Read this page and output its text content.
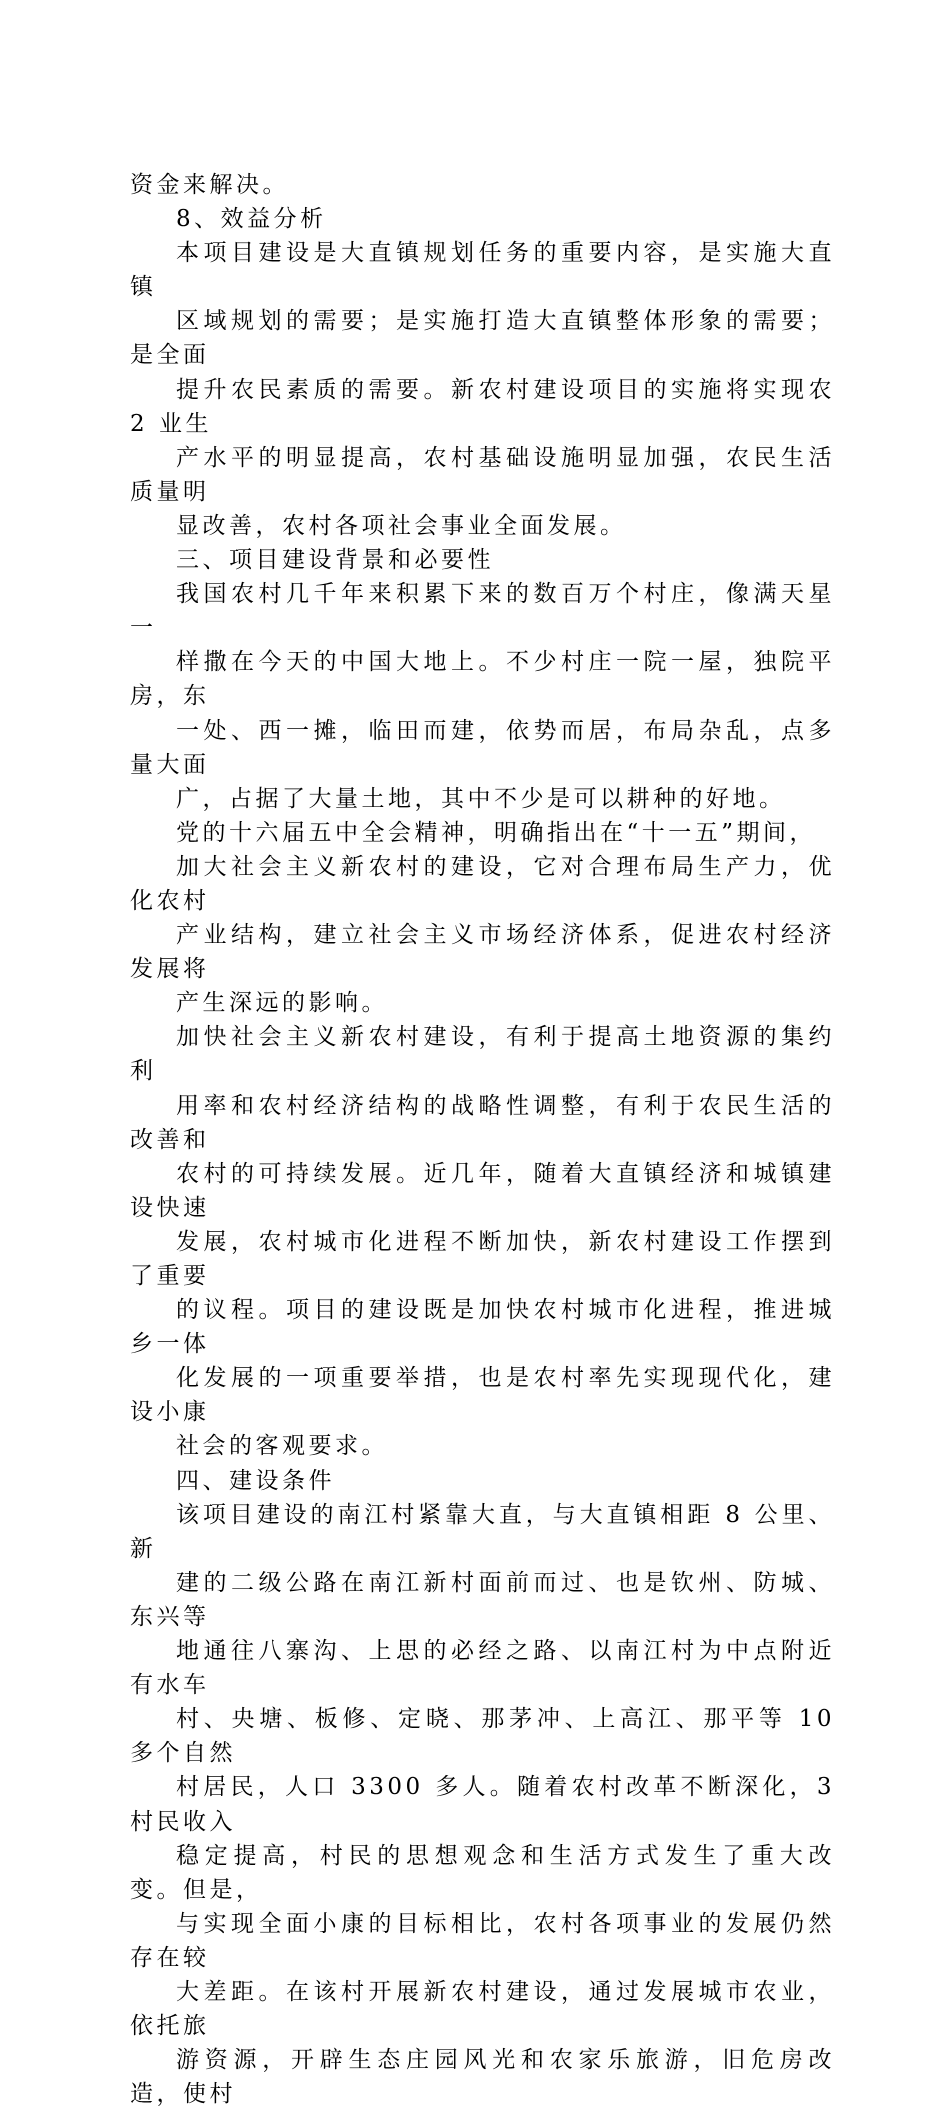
资金来解决。
8、效益分析
本项目建设是大直镇规划任务的重要内容，是实施大直镇
区域规划的需要；是实施打造大直镇整体形象的需要；是全面
提升农民素质的需要。新农村建设项目的实施将实现农 2 业生
产水平的明显提高，农村基础设施明显加强，农民生活质量明
显改善，农村各项社会事业全面发展。
三、项目建设背景和必要性
我国农村几千年来积累下来的数百万个村庄，像满天星一
样撒在今天的中国大地上。不少村庄一院一屋，独院平房，东
一处、西一摊，临田而建，依势而居，布局杂乱，点多量大面
广，占据了大量土地，其中不少是可以耕种的好地。
党的十六届五中全会精神，明确指出在“十一五”期间，
加大社会主义新农村的建设，它对合理布局生产力，优化农村
产业结构，建立社会主义市场经济体系，促进农村经济发展将
产生深远的影响。
加快社会主义新农村建设，有利于提高土地资源的集约利
用率和农村经济结构的战略性调整，有利于农民生活的改善和
农村的可持续发展。近几年，随着大直镇经济和城镇建设快速
发展，农村城市化进程不断加快，新农村建设工作摆到了重要
的议程。项目的建设既是加快农村城市化进程，推进城乡一体
化发展的一项重要举措，也是农村率先实现现代化，建设小康
社会的客观要求。
四、建设条件
该项目建设的南江村紧靠大直，与大直镇相距 8 公里、新
建的二级公路在南江新村面前而过、也是钦州、防城、东兴等
地通往八寨沟、上思的必经之路、以南江村为中点附近有水车
村、央塘、板修、定晓、那茅冲、上高江、那平等 10 多个自然
村居民，人口 3300 多人。随着农村改革不断深化，3 村民收入
稳定提高，村民的思想观念和生活方式发生了重大改变。但是，
与实现全面小康的目标相比，农村各项事业的发展仍然存在较
大差距。在该村开展新农村建设，通过发展城市农业，依托旅
游资源，开辟生态庄园风光和农家乐旅游，旧危房改造，使村
